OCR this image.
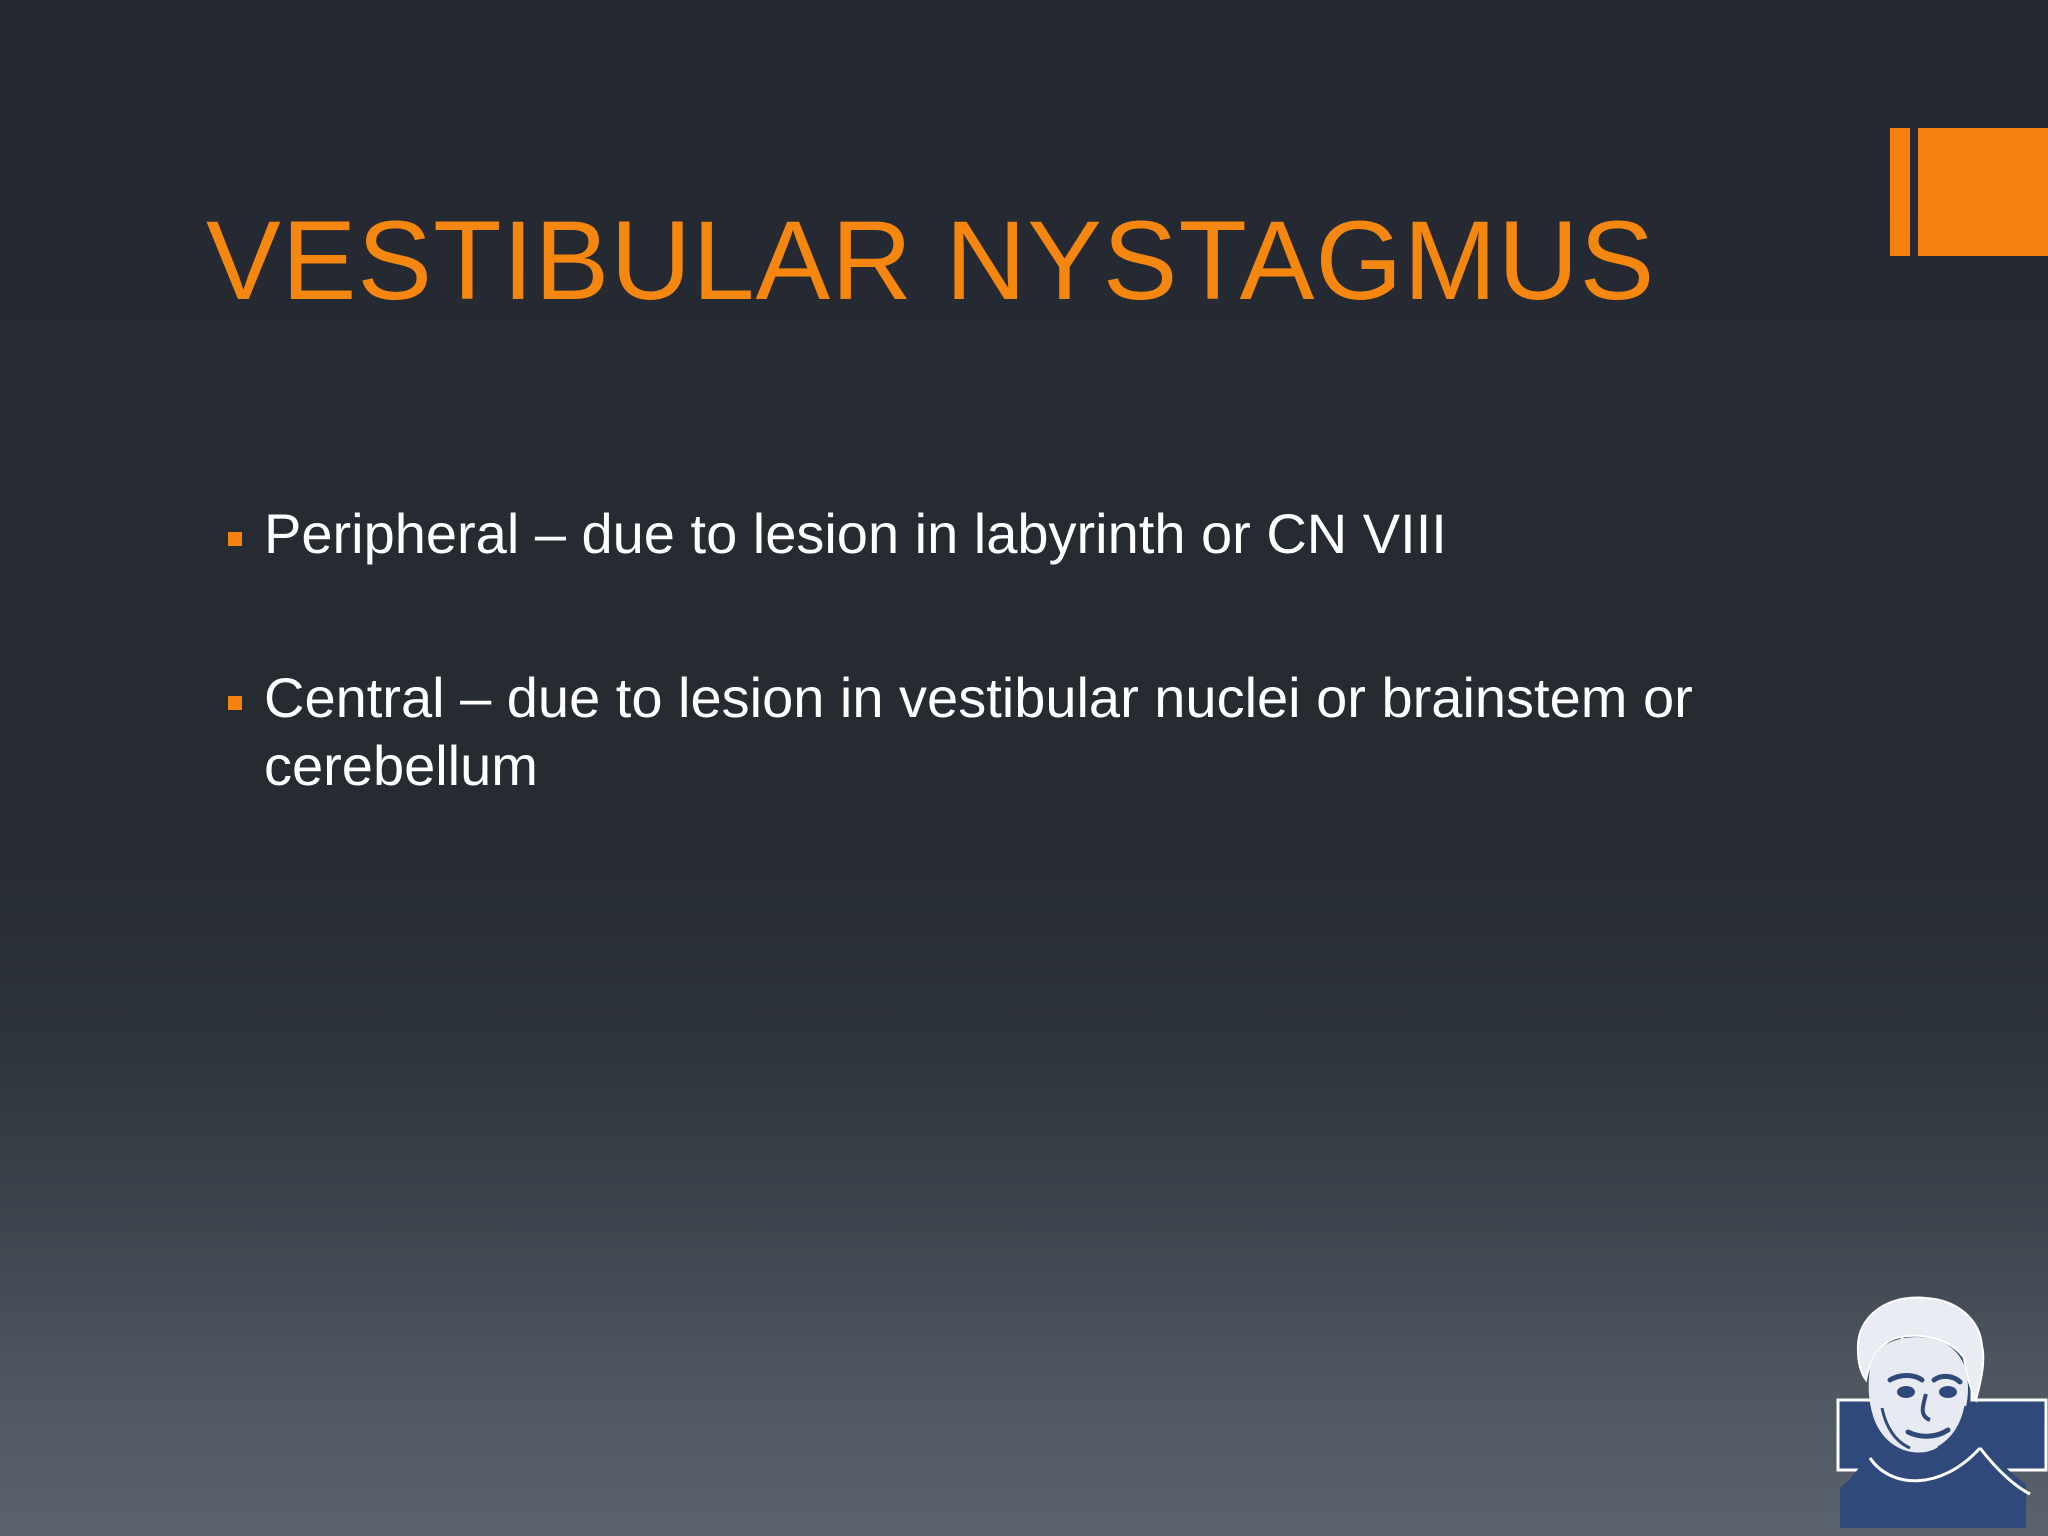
VESTIBULAR NYSTAGMUS
Peripheral – due to lesion in labyrinth or CN VIII
Central – due to lesion in vestibular nuclei or brainstem or cerebellum
